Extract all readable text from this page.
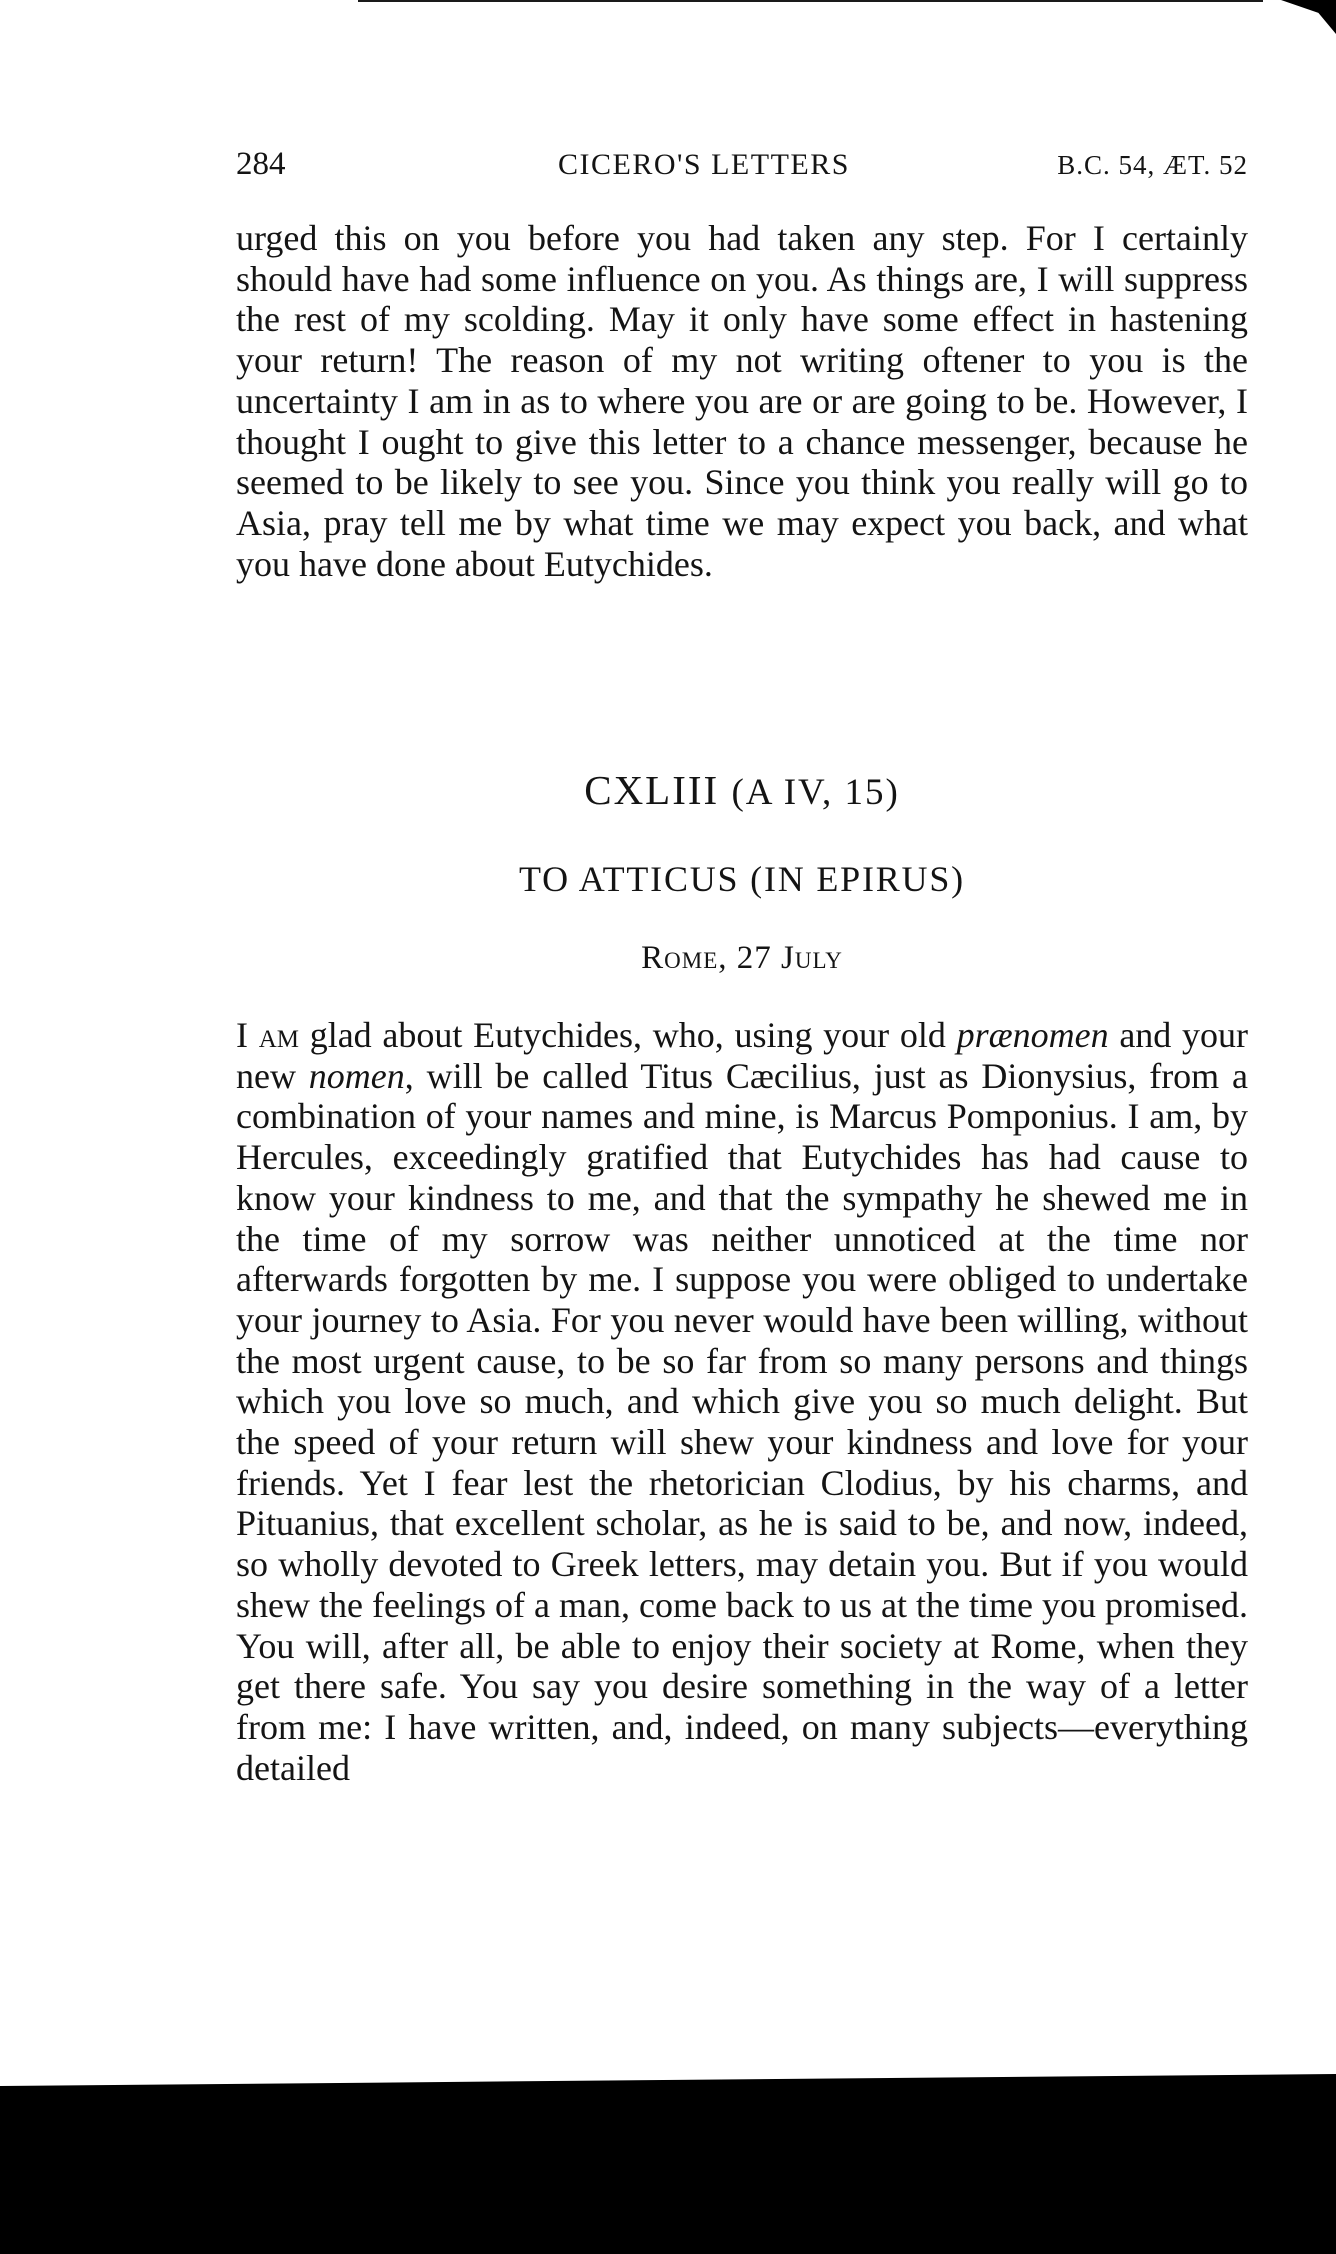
284	CICERO'S LETTERS	B.C. 54, ÆT. 52

urged this on you before you had taken any step. For I certainly should have had some influence on you. As things are, I will suppress the rest of my scolding. May it only have some effect in hastening your return! The reason of my not writing oftener to you is the uncertainty I am in as to where you are or are going to be. However, I thought I ought to give this letter to a chance messenger, because he seemed to be likely to see you. Since you think you really will go to Asia, pray tell me by what time we may expect you back, and what you have done about Eutychides.

CXLIII (A IV, 15)

TO ATTICUS (IN EPIRUS)

Rome, 27 July

I am glad about Eutychides, who, using your old prænomen and your new nomen, will be called Titus Cæcilius, just as Dionysius, from a combination of your names and mine, is Marcus Pomponius. I am, by Hercules, exceedingly gratified that Eutychides has had cause to know your kindness to me, and that the sympathy he shewed me in the time of my sorrow was neither unnoticed at the time nor afterwards forgotten by me. I suppose you were obliged to undertake your journey to Asia. For you never would have been willing, without the most urgent cause, to be so far from so many persons and things which you love so much, and which give you so much delight. But the speed of your return will shew your kindness and love for your friends. Yet I fear lest the rhetorician Clodius, by his charms, and Pituanius, that excellent scholar, as he is said to be, and now, indeed, so wholly devoted to Greek letters, may detain you. But if you would shew the feelings of a man, come back to us at the time you promised. You will, after all, be able to enjoy their society at Rome, when they get there safe. You say you desire something in the way of a letter from me: I have written, and, indeed, on many subjects—everything detailed
